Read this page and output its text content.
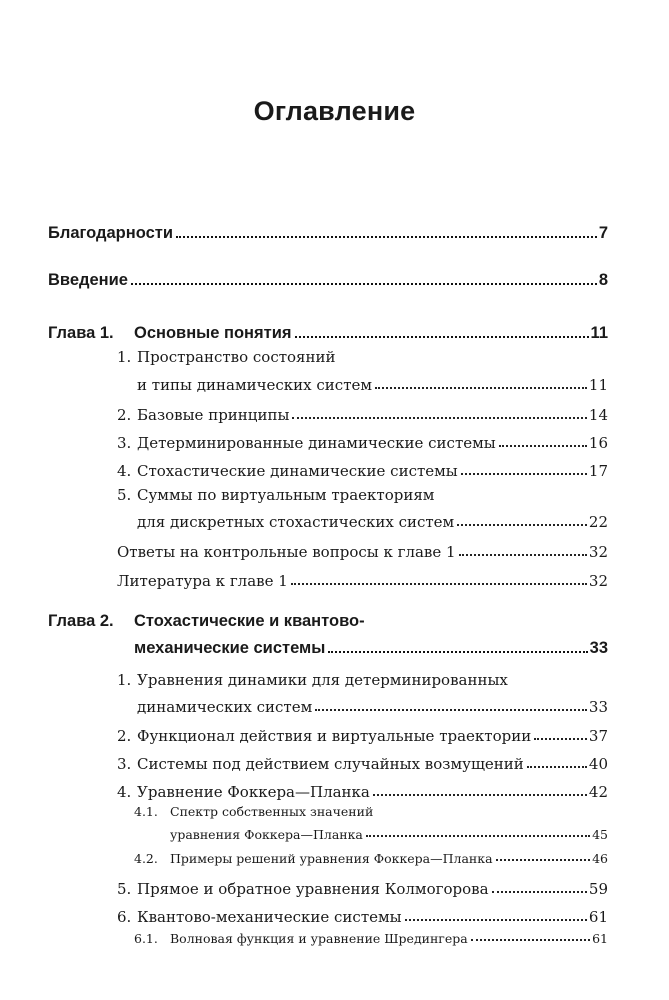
Оглавление
Благодарности	7
Введение	8
Глава 1. Основные понятия	11
1. Пространство состояний
и типы динамических систем	11
2. Базовые принципы	14
3. Детерминированные динамические системы	16
4. Стохастические динамические системы	17
5. Суммы по виртуальным траекториям
для дискретных стохастических систем	22
Ответы на контрольные вопросы к главе 1	32
Литература к главе 1	32
Глава 2. Стохастические и квантово-
механические системы	33
1. Уравнения динамики для детерминированных
динамических систем	33
2. Функционал действия и виртуальные траектории	37
3. Системы под действием случайных возмущений	40
4. Уравнение Фоккера—Планка	42
4.1. Спектр собственных значений
уравнения Фоккера—Планка	45
4.2. Примеры решений уравнения Фоккера—Планка	46
5. Прямое и обратное уравнения Колмогорова	59
6. Квантово-механические системы	61
6.1. Волновая функция и уравнение Шредингера	61
